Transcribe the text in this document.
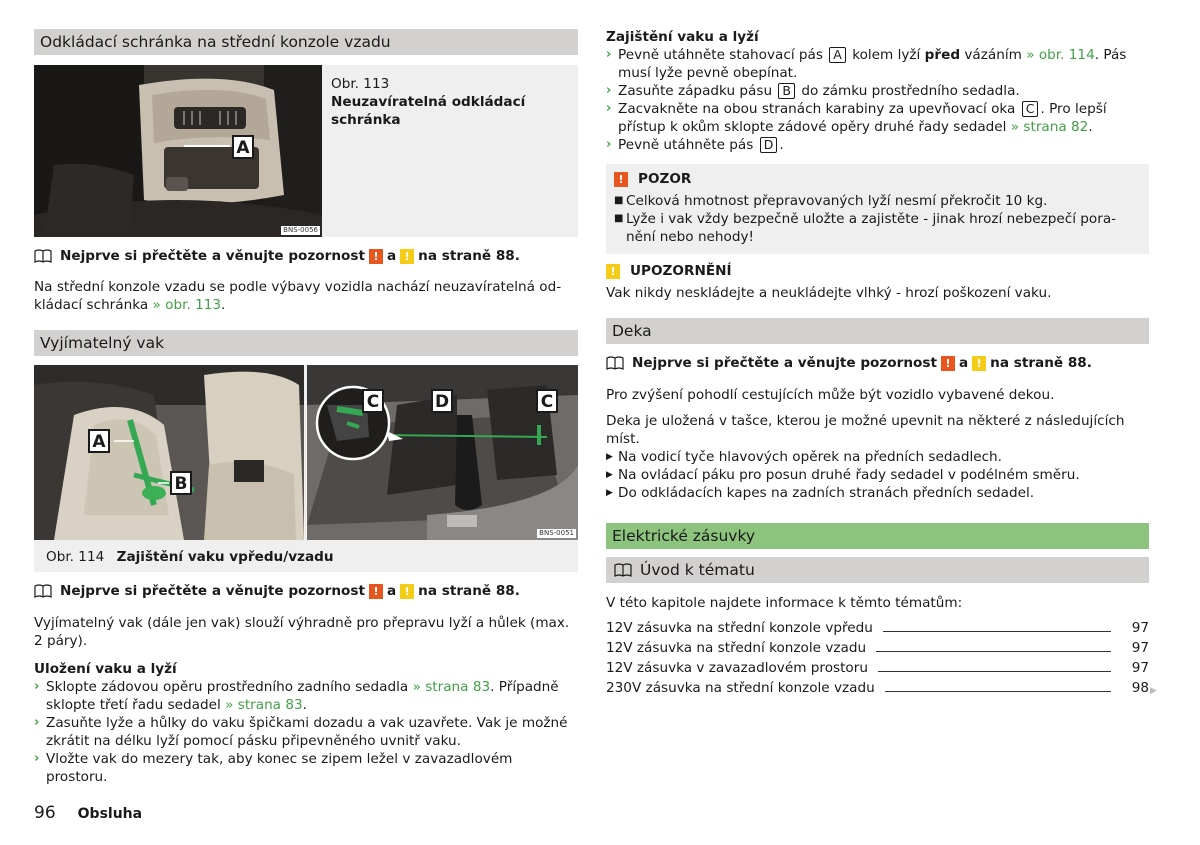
Odkládací schránka na střední konzole vzadu
A
BNS-0056
Obr. 113
Neuzavíratelná odkládací schránka
Nejprve si přečtěte a věnujte pozornost ! a ! na straně 88.
Na střední konzole vzadu se podle výbavy vozidla nachází neuzavíratelná od-kládací schránka » obr. 113.
Vyjímatelný vak
A
B
C	D	C
BNS-0051
Obr. 114 Zajištění vaku vpředu/vzadu
Nejprve si přečtěte a věnujte pozornost ! a ! na straně 88.
Vyjímatelný vak (dále jen vak) slouží výhradně pro přepravu lyží a hůlek (max. 2 páry).
Uložení vaku a lyží
› Sklopte zádovou opěru prostředního zadního sedadla » strana 83. Případně sklopte třetí řadu sedadel » strana 83.
› Zasuňte lyže a hůlky do vaku špičkami dozadu a vak uzavřete. Vak je možné zkrátit na délku lyží pomocí pásku připevněného uvnitř vaku.
› Vložte vak do mezery tak, aby konec se zipem ležel v zavazadlovém prostoru.
Zajištění vaku a lyží
› Pevně utáhněte stahovací pás A kolem lyží před vázáním » obr. 114. Pás musí lyže pevně obepínat.
› Zasuňte západku pásu B do zámku prostředního sedadla.
› Zacvakněte na obou stranách karabiny za upevňovací oka C . Pro lepší přístup k okům sklopte zádové opěry druhé řady sedadel » strana 82.
› Pevně utáhněte pás D .
!	POZOR
■ Celková hmotnost přepravovaných lyží nesmí překročit 10 kg.
■ Lyže i vak vždy bezpečně uložte a zajistěte - jinak hrozí nebezpečí pora-nění nebo nehody!
!	UPOZORNĚNÍ
Vak nikdy neskládejte a neukládejte vlhký - hrozí poškození vaku.
Deka
Nejprve si přečtěte a věnujte pozornost ! a ! na straně 88.
Pro zvýšení pohodlí cestujících může být vozidlo vybavené dekou.
Deka je uložená v tašce, kterou je možné upevnit na některé z následujících míst.
▶ Na vodicí tyče hlavových opěrek na předních sedadlech.
▶ Na ovládací páku pro posun druhé řady sedadel v podélném směru.
▶ Do odkládacích kapes na zadních stranách předních sedadel.
Elektrické zásuvky
Úvod k tématu
V této kapitole najdete informace k těmto tématům:
12V zásuvka na střední konzole vpředu	97
12V zásuvka na střední konzole vzadu	97
12V zásuvka v zavazadlovém prostoru	97
230V zásuvka na střední konzole vzadu	98 ▶
96 Obsluha
